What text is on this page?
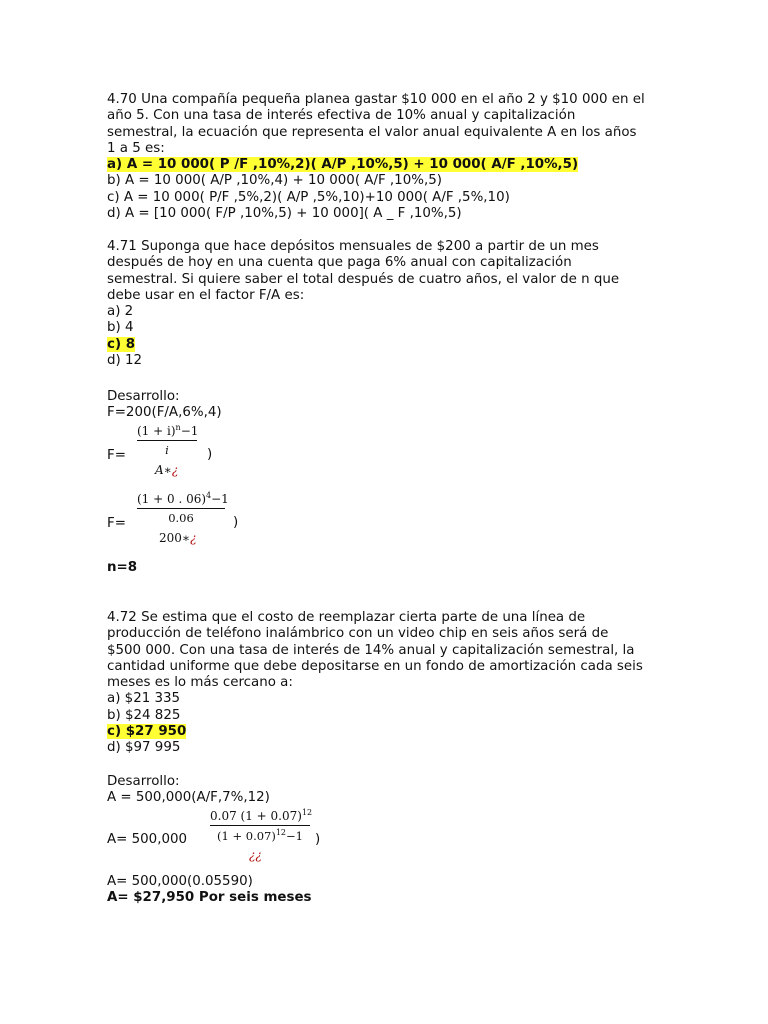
4.70 Una compañía pequeña planea gastar $10 000 en el año 2 y $10 000 en el
año 5. Con una tasa de interés efectiva de 10% anual y capitalización
semestral, la ecuación que representa el valor anual equivalente A en los años
1 a 5 es:
a) A = 10 000( P /F ,10%,2)( A/P ,10%,5) + 10 000( A/F ,10%,5)
b) A = 10 000( A/P ,10%,4) + 10 000( A/F ,10%,5)
c) A = 10 000( P/F ,5%,2)( A/P ,5%,10)+10 000( A/F ,5%,10)
d) A = [10 000( F/P ,10%,5) + 10 000]( A _ F ,10%,5)
4.71 Suponga que hace depósitos mensuales de $200 a partir de un mes
después de hoy en una cuenta que paga 6% anual con capitalización
semestral. Si quiere saber el total después de cuatro años, el valor de n que
debe usar en el factor F/A es:
a) 2
b) 4
c) 8
d) 12
Desarrollo:
F=200(F/A,6%,4)
F=
$(1 + i)^n-1$
i
A∗¿
)
F=
(1 + 0 . 06)$^4$−1
0.06
200∗¿
)
n=8
4.72 Se estima que el costo de reemplazar cierta parte de una línea de
producción de teléfono inalámbrico con un video chip en seis años será de
$500 000. Con una tasa de interés de 14% anual y capitalización semestral, la
cantidad uniforme que debe depositarse en un fondo de amortización cada seis
meses es lo más cercano a:
a) $21 335
b) $24 825
c) $27 950
d) $97 995
Desarrollo:
A = 500,000(A/F,7%,12)
A= 500,000
0.07 $(1 + 0.07)^{12}$
$(1 + 0.07)^{12}-1$
¿¿
)
A= 500,000(0.05590)
A= $27,950 Por seis meses
